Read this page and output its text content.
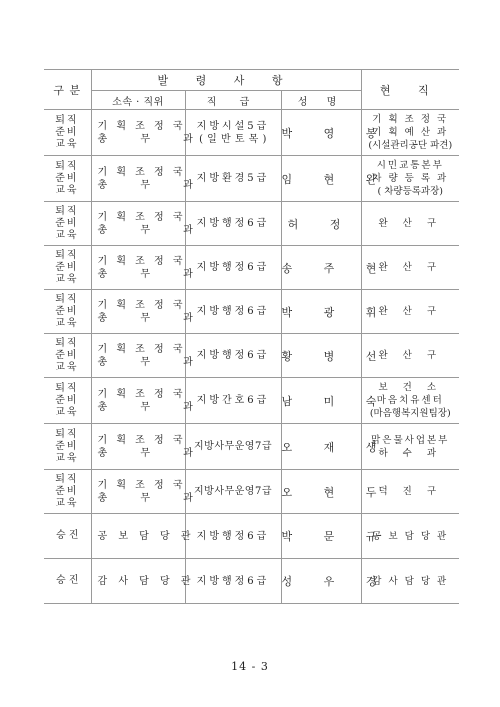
구 분	발 령 사 항			현 직
	소속 · 직위	직 급	성 명	
퇴직준비교육	기 획 조 정 국
총 무 과	지방시설5급
( 일 반 토 목 )	박 영 봉	기 획 조 정 국
기 획 예 산 과
(시설관리공단 파견)

퇴직준비교육	기 획 조 정 국
총 무 과	지방환경5급	임 현 완	시민교통본부
차 량 등 록 과
( 차량등록과장)

퇴직준비교육	기 획 조 정 국
총 무 과	지방행정6급	허 정	완 산 구

퇴직준비교육	기 획 조 정 국
총 무 과	지방행정6급	송 주 현	완 산 구

퇴직준비교육	기 획 조 정 국
총 무 과	지방행정6급	박 광 휘	완 산 구

퇴직준비교육	기 획 조 정 국
총 무 과	지방행정6급	황 병 선	완 산 구

퇴직준비교육	기 획 조 정 국
총 무 과	지방간호6급	남 미 숙	보 건 소
마음치유센터
(마음행복지원팀장)

퇴직준비교육	기 획 조 정 국
총 무 과	지방사무운영7급	오 재 생	맑은물사업본부
하 수 과

퇴직준비교육	기 획 조 정 국
총 무 과	지방사무운영7급	오 현 두	덕 진 구

승 진	공 보 담 당 관	지방행정6급	박 문 규	공 보 담 당 관

승 진	감 사 담 당 관	지방행정6급	성 우 경	감 사 담 당 관
14 - 3
